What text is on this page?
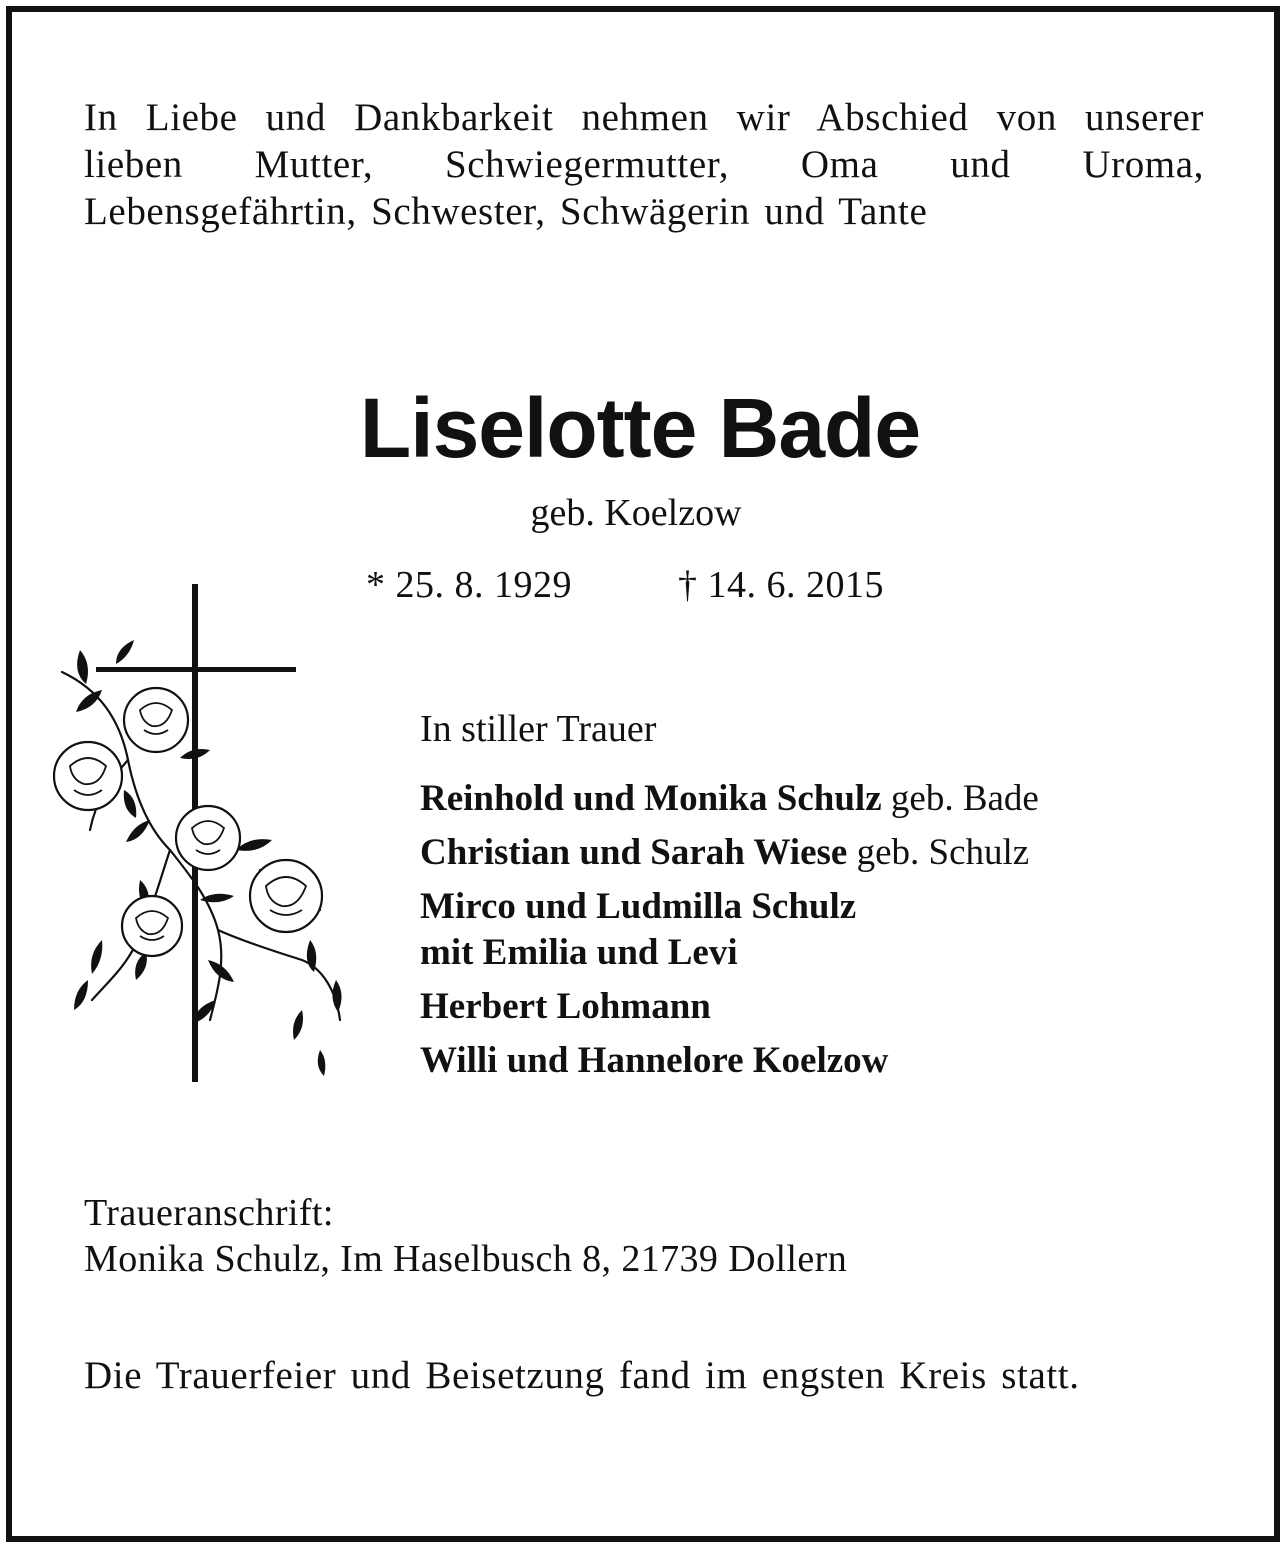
In Liebe und Dankbarkeit nehmen wir Abschied von unserer lieben Mutter, Schwiegermutter, Oma und Uroma, Lebensgefährtin, Schwester, Schwägerin und Tante

Liselotte Bade
geb. Koelzow
* 25. 8. 1929	† 14. 6. 2015
In stiller Trauer
Reinhold und Monika Schulz geb. Bade
Christian und Sarah Wiese geb. Schulz
Mirco und Ludmilla Schulz
mit Emilia und Levi
Herbert Lohmann
Willi und Hannelore Koelzow
Traueranschrift:
Monika Schulz, Im Haselbusch 8, 21739 Dollern

Die Trauerfeier und Beisetzung fand im engsten Kreis statt.
